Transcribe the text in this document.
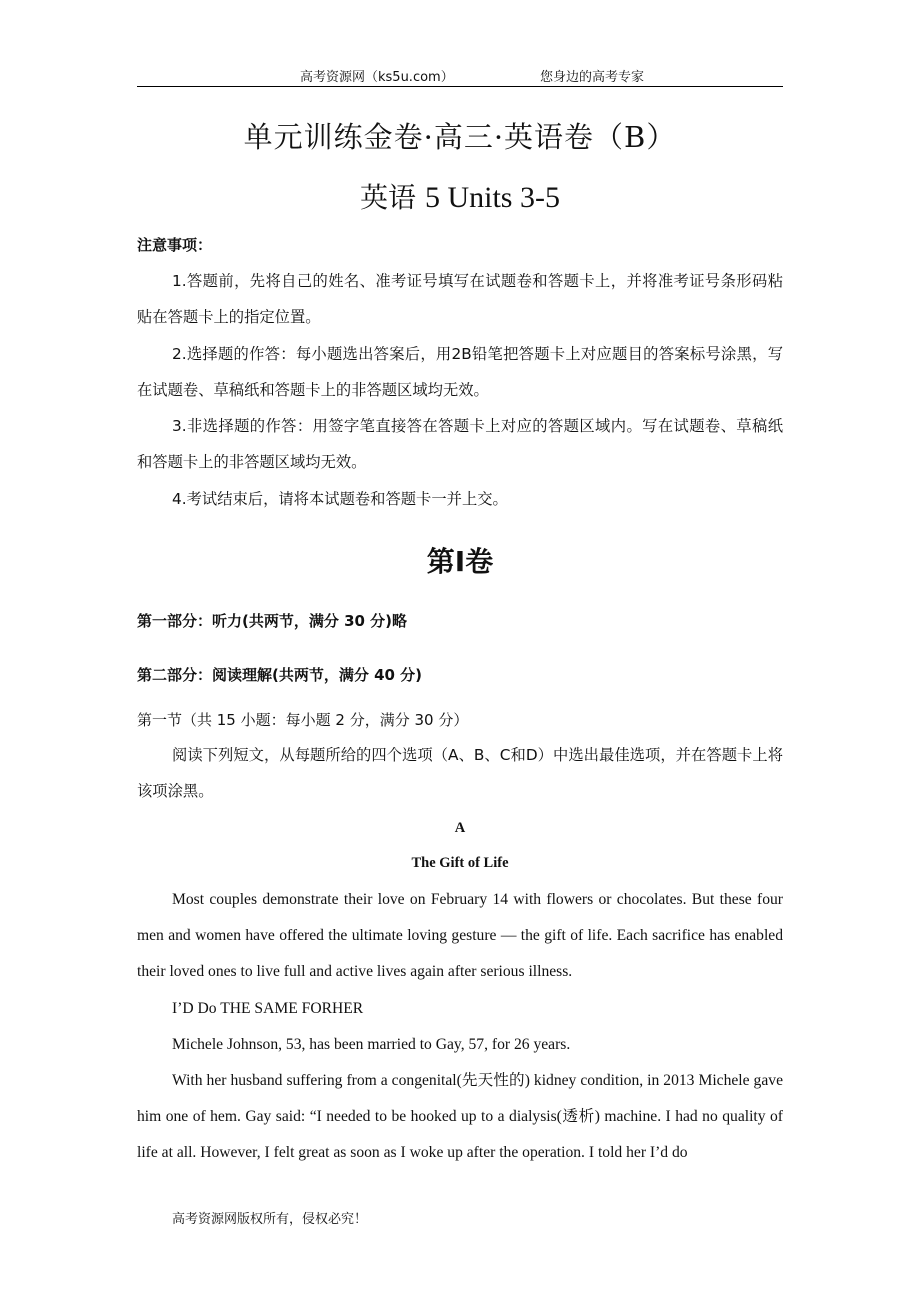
高考资源网（ks5u.com）	您身边的高考专家
单元训练金卷·高三·英语卷（B）
英语 5 Units 3-5
注意事项：
1.答题前，先将自己的姓名、准考证号填写在试题卷和答题卡上，并将准考证号条形码粘贴在答题卡上的指定位置。
2.选择题的作答：每小题选出答案后，用2B铅笔把答题卡上对应题目的答案标号涂黑，写在试题卷、草稿纸和答题卡上的非答题区域均无效。
3.非选择题的作答：用签字笔直接答在答题卡上对应的答题区域内。写在试题卷、草稿纸和答题卡上的非答题区域均无效。
4.考试结束后，请将本试题卷和答题卡一并上交。
第Ⅰ卷
第一部分：听力(共两节，满分 30 分)略
第二部分：阅读理解(共两节，满分 40 分)
第一节（共 15 小题：每小题 2 分，满分 30 分）
阅读下列短文，从每题所给的四个选项（A、B、C和D）中选出最佳选项，并在答题卡上将该项涂黑。
A
The Gift of Life
Most couples demonstrate their love on February 14 with flowers or chocolates. But these four men and women have offered the ultimate loving gesture — the gift of life. Each sacrifice has enabled their loved ones to live full and active lives again after serious illness.
I’D Do THE SAME FORHER
Michele Johnson, 53, has been married to Gay, 57, for 26 years.
With her husband suffering from a congenital(先天性的) kidney condition, in 2013 Michele gave him one of hem. Gay said: “I needed to be hooked up to a dialysis(透析) machine. I had no quality of life at all. However, I felt great as soon as I woke up after the operation. I told her I’d do
高考资源网版权所有，侵权必究！
